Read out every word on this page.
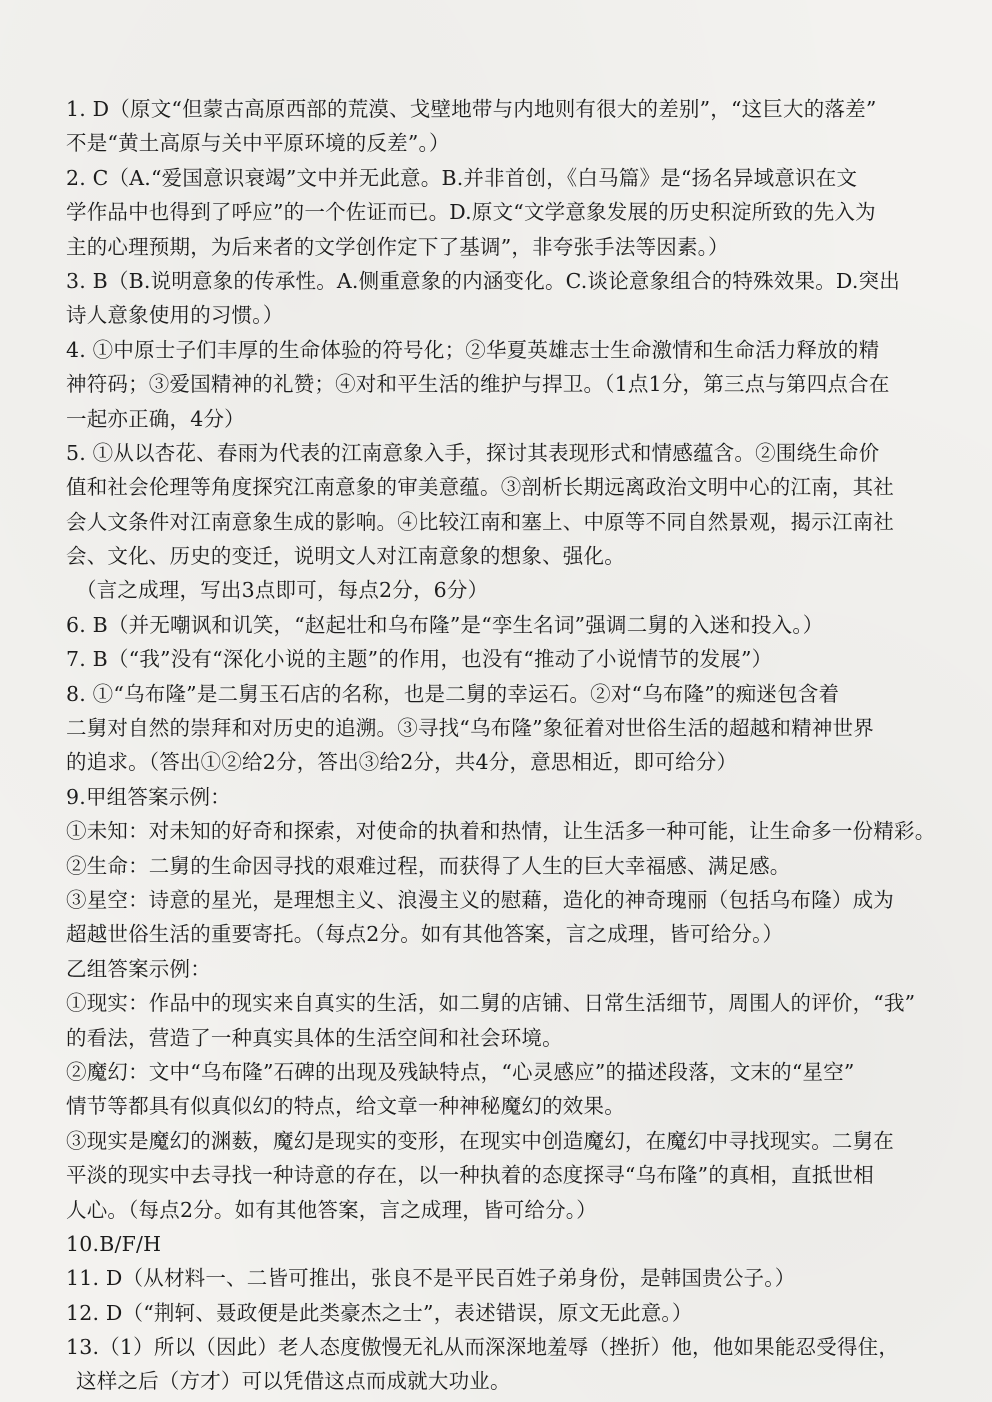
1. D（原文“但蒙古高原西部的荒漠、戈壁地带与内地则有很大的差别”，“这巨大的落差”
不是“黄土高原与关中平原环境的反差”。）
2. C（A.“爱国意识衰竭”文中并无此意。B.并非首创，《白马篇》是“扬名异域意识在文
学作品中也得到了呼应”的一个佐证而已。D.原文“文学意象发展的历史积淀所致的先入为
主的心理预期，为后来者的文学创作定下了基调”，非夸张手法等因素。）
3. B（B.说明意象的传承性。A.侧重意象的内涵变化。C.谈论意象组合的特殊效果。D.突出
诗人意象使用的习惯。）
4. ①中原士子们丰厚的生命体验的符号化；②华夏英雄志士生命激情和生命活力释放的精
神符码；③爱国精神的礼赞；④对和平生活的维护与捍卫。（1点1分，第三点与第四点合在
一起亦正确，4分）
5. ①从以杏花、春雨为代表的江南意象入手，探讨其表现形式和情感蕴含。②围绕生命价
值和社会伦理等角度探究江南意象的审美意蕴。③剖析长期远离政治文明中心的江南，其社
会人文条件对江南意象生成的影响。④比较江南和塞上、中原等不同自然景观，揭示江南社
会、文化、历史的变迁，说明文人对江南意象的想象、强化。
（言之成理，写出3点即可，每点2分，6分）
6. B（并无嘲讽和讥笑，“赵起壮和乌布隆”是“孪生名词”强调二舅的入迷和投入。）
7. B（“我”没有“深化小说的主题”的作用，也没有“推动了小说情节的发展”）
8. ①“乌布隆”是二舅玉石店的名称，也是二舅的幸运石。②对“乌布隆”的痴迷包含着
二舅对自然的崇拜和对历史的追溯。③寻找“乌布隆”象征着对世俗生活的超越和精神世界
的追求。（答出①②给2分，答出③给2分，共4分，意思相近，即可给分）
9.甲组答案示例：
①未知：对未知的好奇和探索，对使命的执着和热情，让生活多一种可能，让生命多一份精彩。
②生命：二舅的生命因寻找的艰难过程，而获得了人生的巨大幸福感、满足感。
③星空：诗意的星光，是理想主义、浪漫主义的慰藉，造化的神奇瑰丽（包括乌布隆）成为
超越世俗生活的重要寄托。（每点2分。如有其他答案，言之成理，皆可给分。）
乙组答案示例：
①现实：作品中的现实来自真实的生活，如二舅的店铺、日常生活细节，周围人的评价，“我”
的看法，营造了一种真实具体的生活空间和社会环境。
②魔幻：文中“乌布隆”石碑的出现及残缺特点，“心灵感应”的描述段落，文末的“星空”
情节等都具有似真似幻的特点，给文章一种神秘魔幻的效果。
③现实是魔幻的渊薮，魔幻是现实的变形，在现实中创造魔幻，在魔幻中寻找现实。二舅在
平淡的现实中去寻找一种诗意的存在，以一种执着的态度探寻“乌布隆”的真相，直抵世相
人心。（每点2分。如有其他答案，言之成理，皆可给分。）
10.B/F/H
11. D（从材料一、二皆可推出，张良不是平民百姓子弟身份，是韩国贵公子。）
12. D（“荆轲、聂政便是此类豪杰之士”，表述错误，原文无此意。）
13.（1）所以（因此）老人态度傲慢无礼从而深深地羞辱（挫折）他，他如果能忍受得住，
这样之后（方才）可以凭借这点而成就大功业。
